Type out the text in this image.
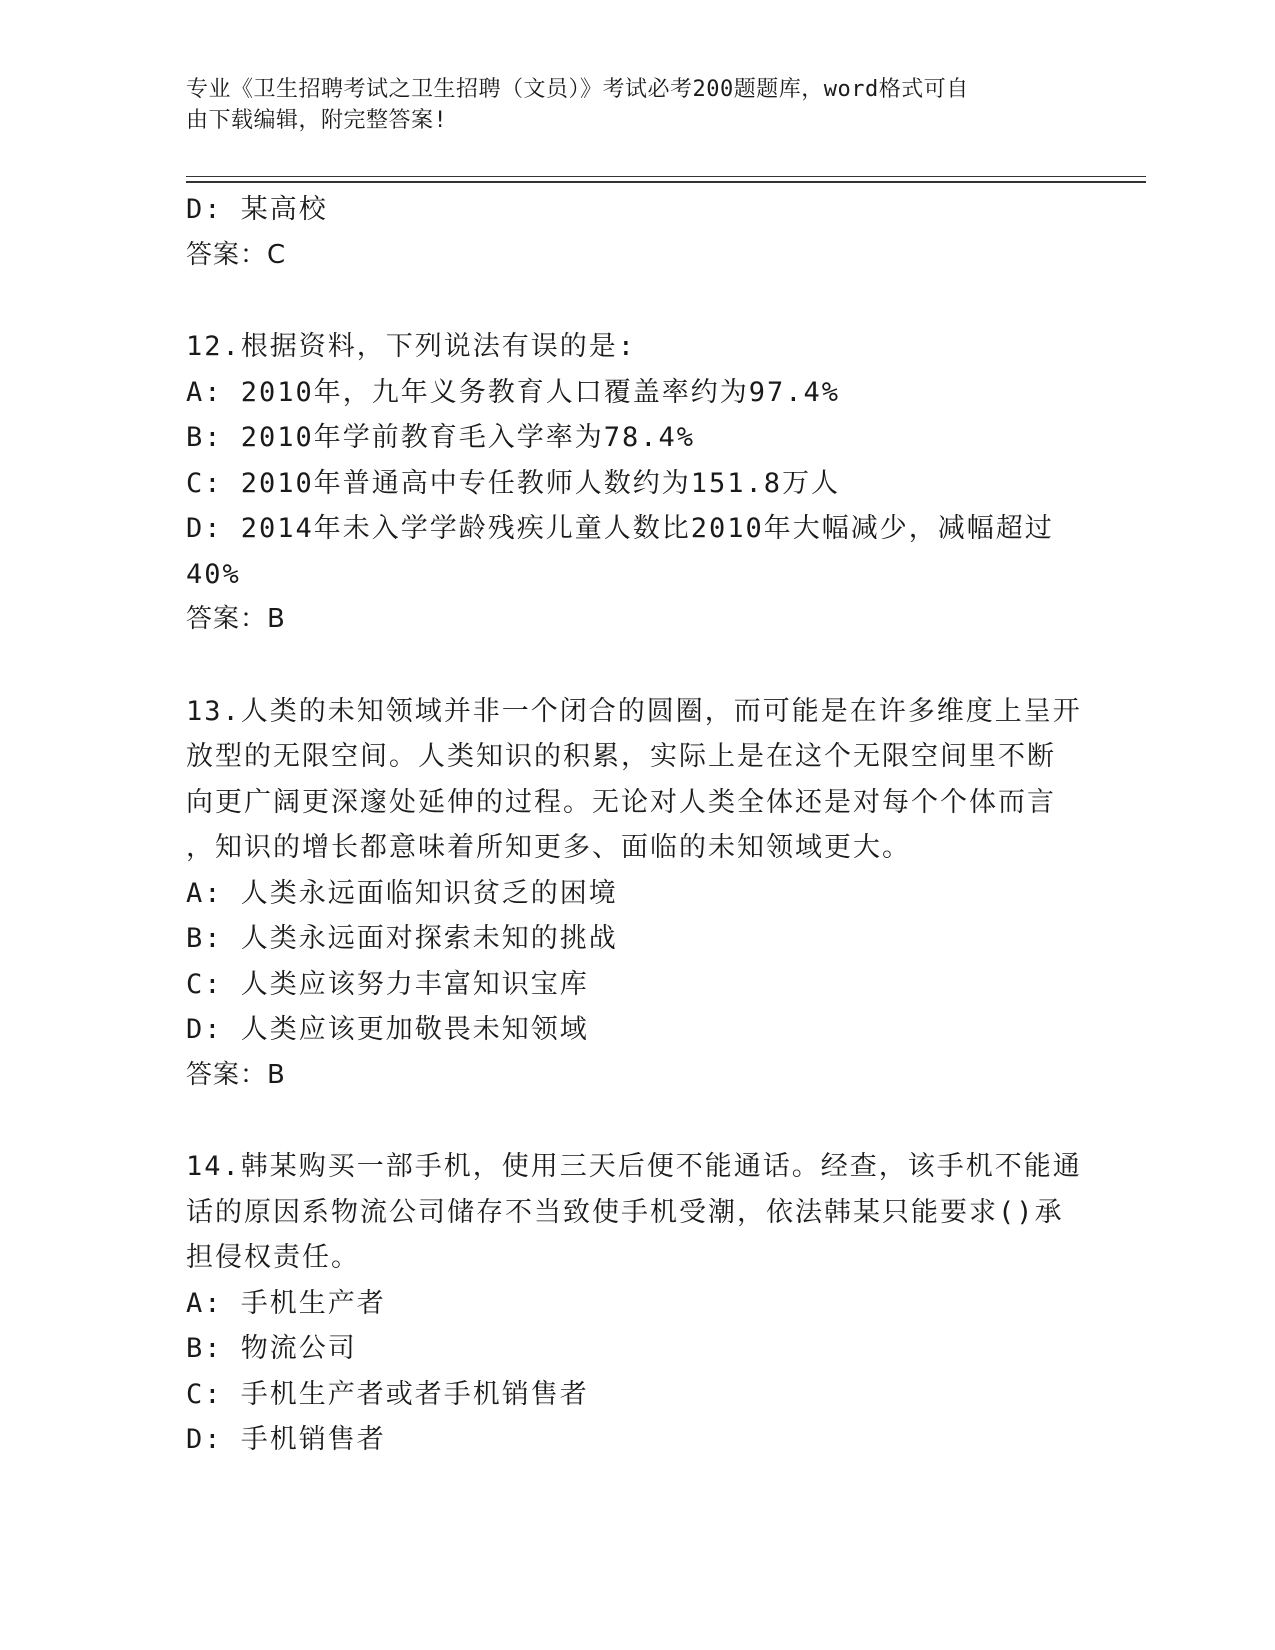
专业《卫生招聘考试之卫生招聘（文员）》考试必考200题题库，word格式可自
由下载编辑，附完整答案!
D: 某高校
答案：C
12.根据资料，下列说法有误的是:
A: 2010年，九年义务教育人口覆盖率约为97.4%
B: 2010年学前教育毛入学率为78.4%
C: 2010年普通高中专任教师人数约为151.8万人
D: 2014年未入学学龄残疾儿童人数比2010年大幅减少，减幅超过
40%
答案：B
13.人类的未知领域并非一个闭合的圆圈，而可能是在许多维度上呈开
放型的无限空间。人类知识的积累，实际上是在这个无限空间里不断
向更广阔更深邃处延伸的过程。无论对人类全体还是对每个个体而言
，知识的增长都意味着所知更多、面临的未知领域更大。
A: 人类永远面临知识贫乏的困境
B: 人类永远面对探索未知的挑战
C: 人类应该努力丰富知识宝库
D: 人类应该更加敬畏未知领域
答案：B
14.韩某购买一部手机，使用三天后便不能通话。经查，该手机不能通
话的原因系物流公司储存不当致使手机受潮，依法韩某只能要求()承
担侵权责任。
A: 手机生产者
B: 物流公司
C: 手机生产者或者手机销售者
D: 手机销售者
